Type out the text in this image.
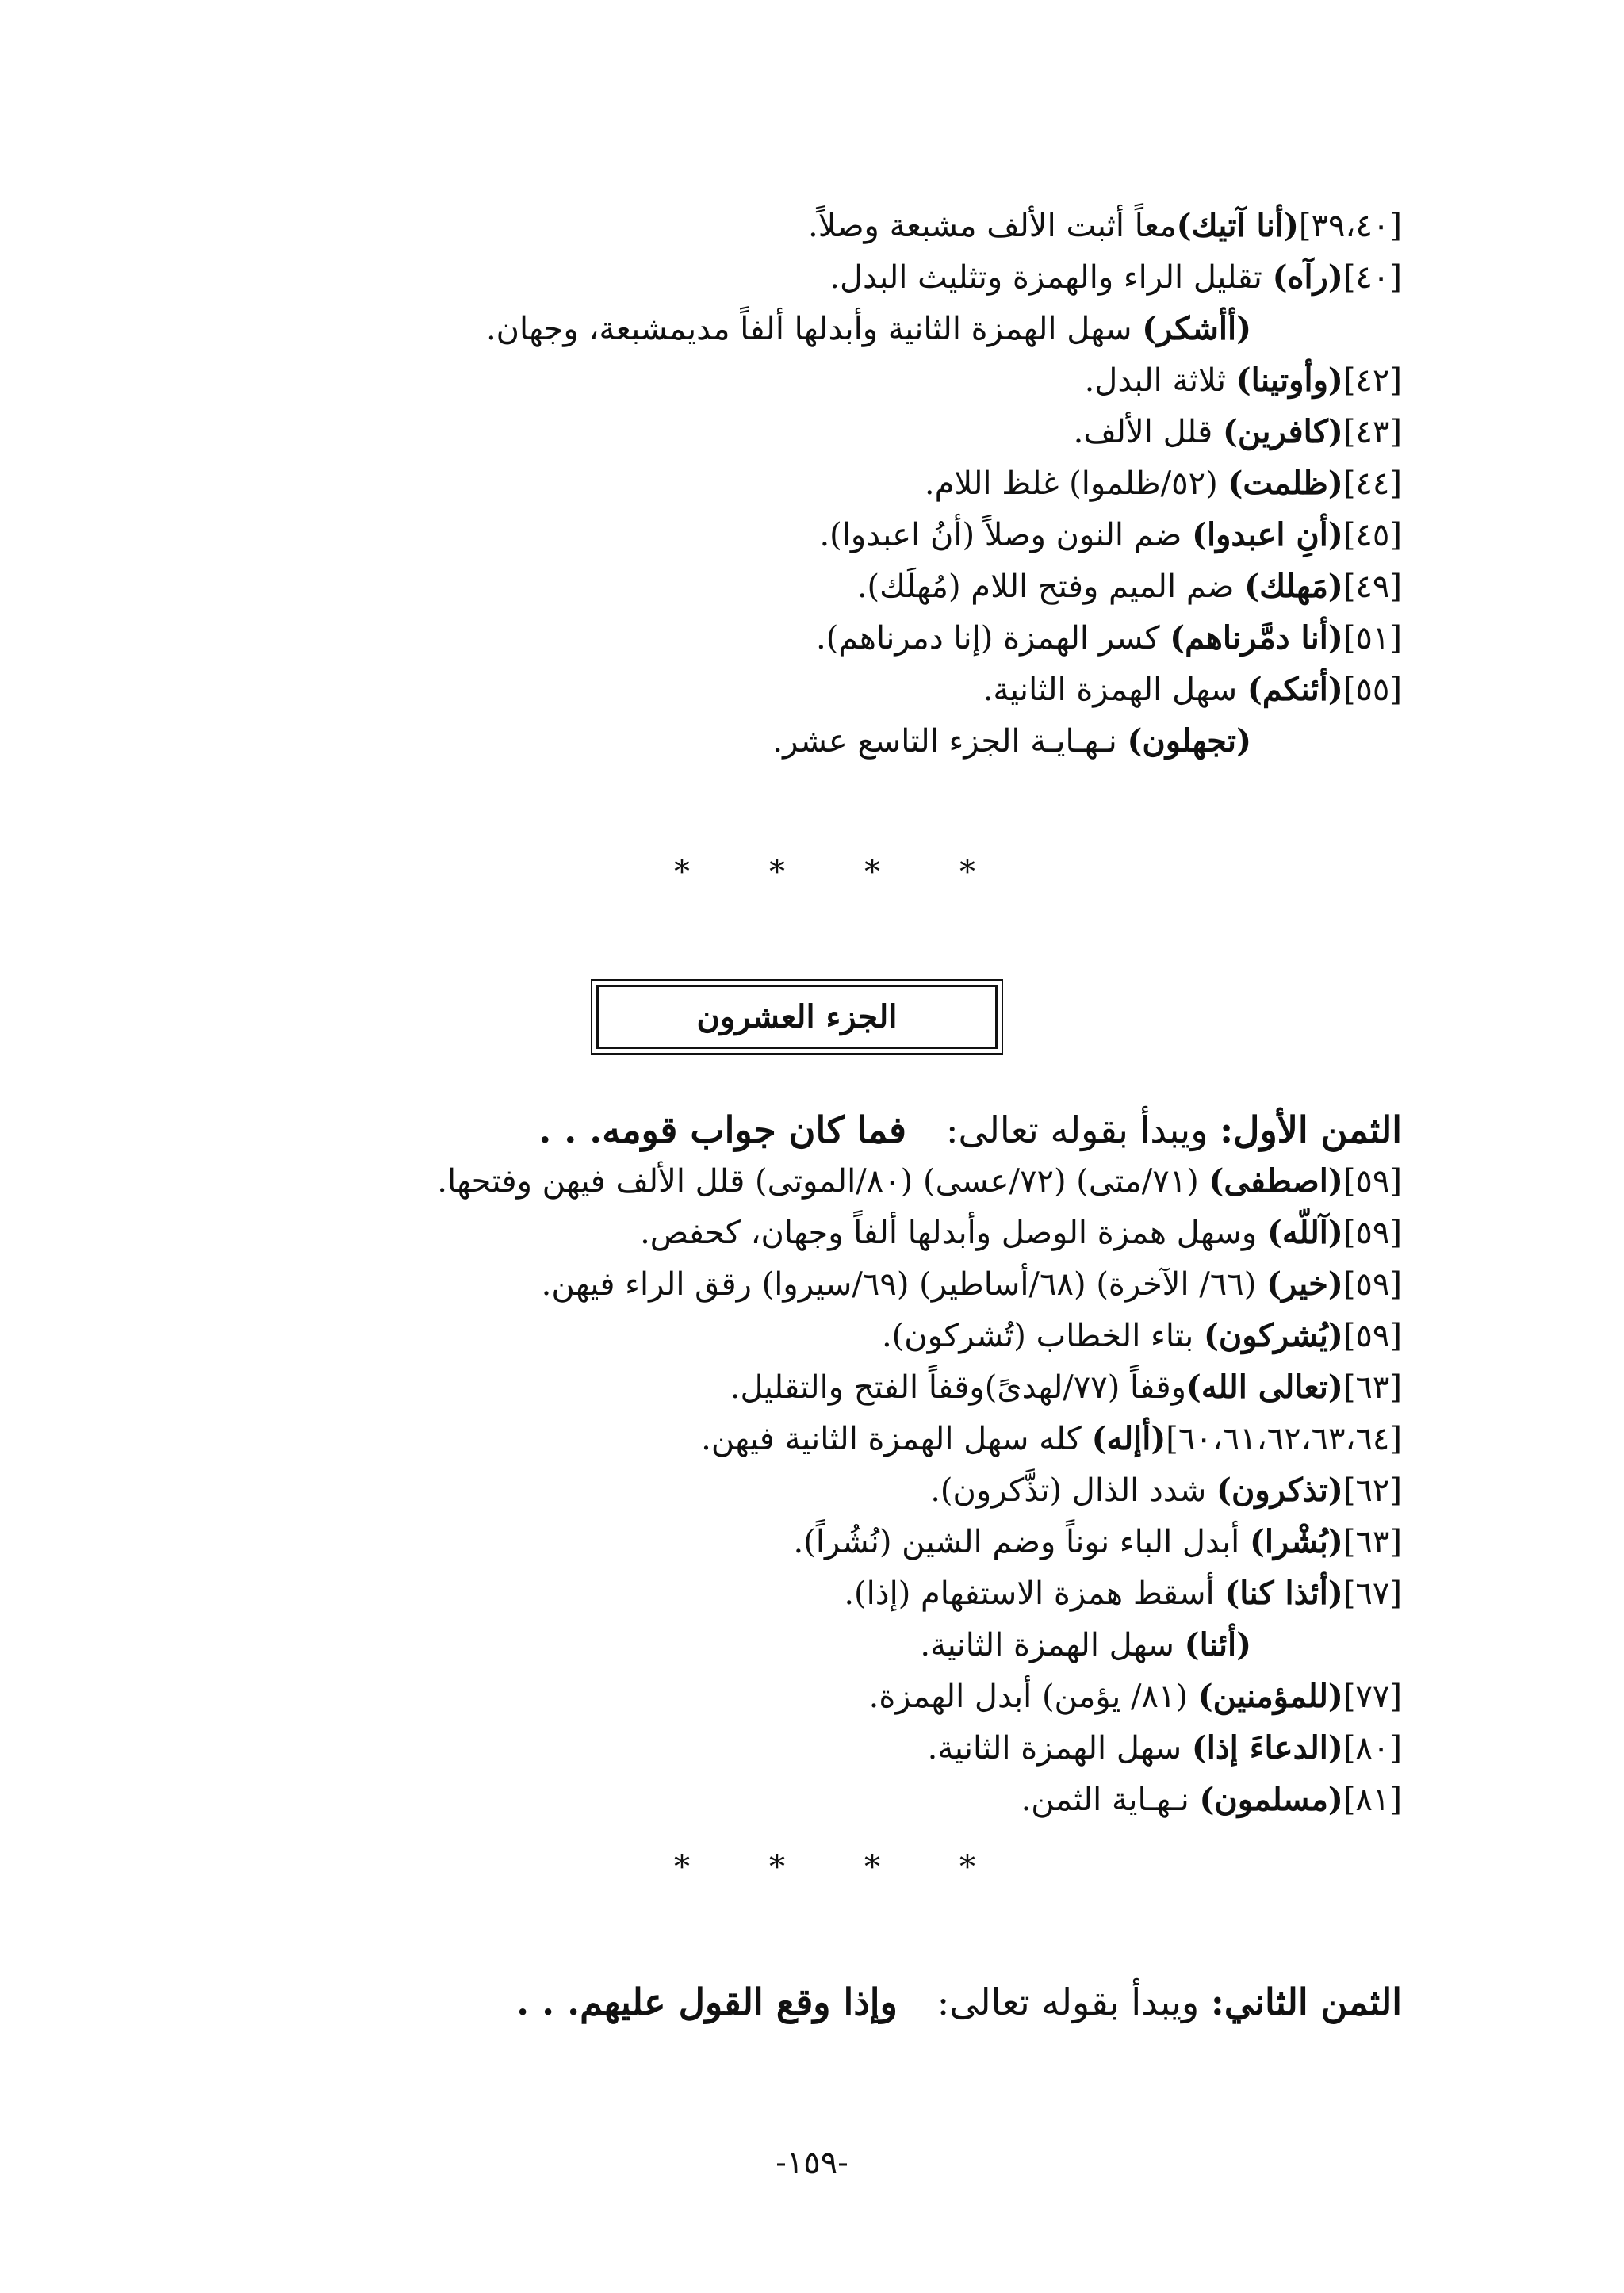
[٣٩،٤٠](أنا آتيك)معاً أثبت الألف مشبعة وصلاً.
[٤٠](رآه) تقليل الراء والهمزة وتثليث البدل.
(أأشكر) سهل الهمزة الثانية وأبدلها ألفاً مديمشبعة، وجهان.
[٤٢](وأوتينا) ثلاثة البدل.
[٤٣](كافرين) قلل الألف.
[٤٤](ظلمت) (٥٢/ظلموا) غلظ اللام.
[٤٥](أنِ اعبدوا) ضم النون وصلاً (أنُ اعبدوا).
[٤٩](مَهلك) ضم الميم وفتح اللام (مُهلَك).
[٥١](أنا دمَّرناهم) كسر الهمزة (إنا دمرناهم).
[٥٥](أئنكم) سهل الهمزة الثانية.
(تجهلون) نـهـايـة الجزء التاسع عشر.
*	*	*	*
الجزء العشرون
الثمن الأول: ويبدأ بقوله تعالى:فما كان جواب قومه. . .
[٥٩](اصطفى) (٧١/متى) (٧٢/عسى) (٨٠/الموتى) قلل الألف فيهن وفتحها.
[٥٩](آللّه) وسهل همزة الوصل وأبدلها ألفاً وجهان، كحفص.
[٥٩](خير) (٦٦/ الآخرة) (٦٨/أساطير) (٦٩/سيروا) رقق الراء فيهن.
[٥٩](يُشركون) بتاء الخطاب (تُشركون).
[٦٣](تعالى الله)وقفاً (٧٧/لهدىً)وقفاً الفتح والتقليل.
[٦٠،٦١،٦٢،٦٣،٦٤](أإله) كله سهل الهمزة الثانية فيهن.
[٦٢](تذكرون) شدد الذال (تذَّكرون).
[٦٣](بُشْرا) أبدل الباء نوناً وضم الشين (نُشُراً).
[٦٧](أئذا كنا) أسقط همزة الاستفهام (إذا).
(أئنا) سهل الهمزة الثانية.
[٧٧](للمؤمنين) (٨١/ يؤمن) أبدل الهمزة.
[٨٠](الدعاءَ إذا) سهل الهمزة الثانية.
[٨١](مسلمون) نـهـاية الثمن.
*	*	*	*
الثمن الثاني: ويبدأ بقوله تعالى:وإذا وقع القول عليهم. . .
-١٥٩-
